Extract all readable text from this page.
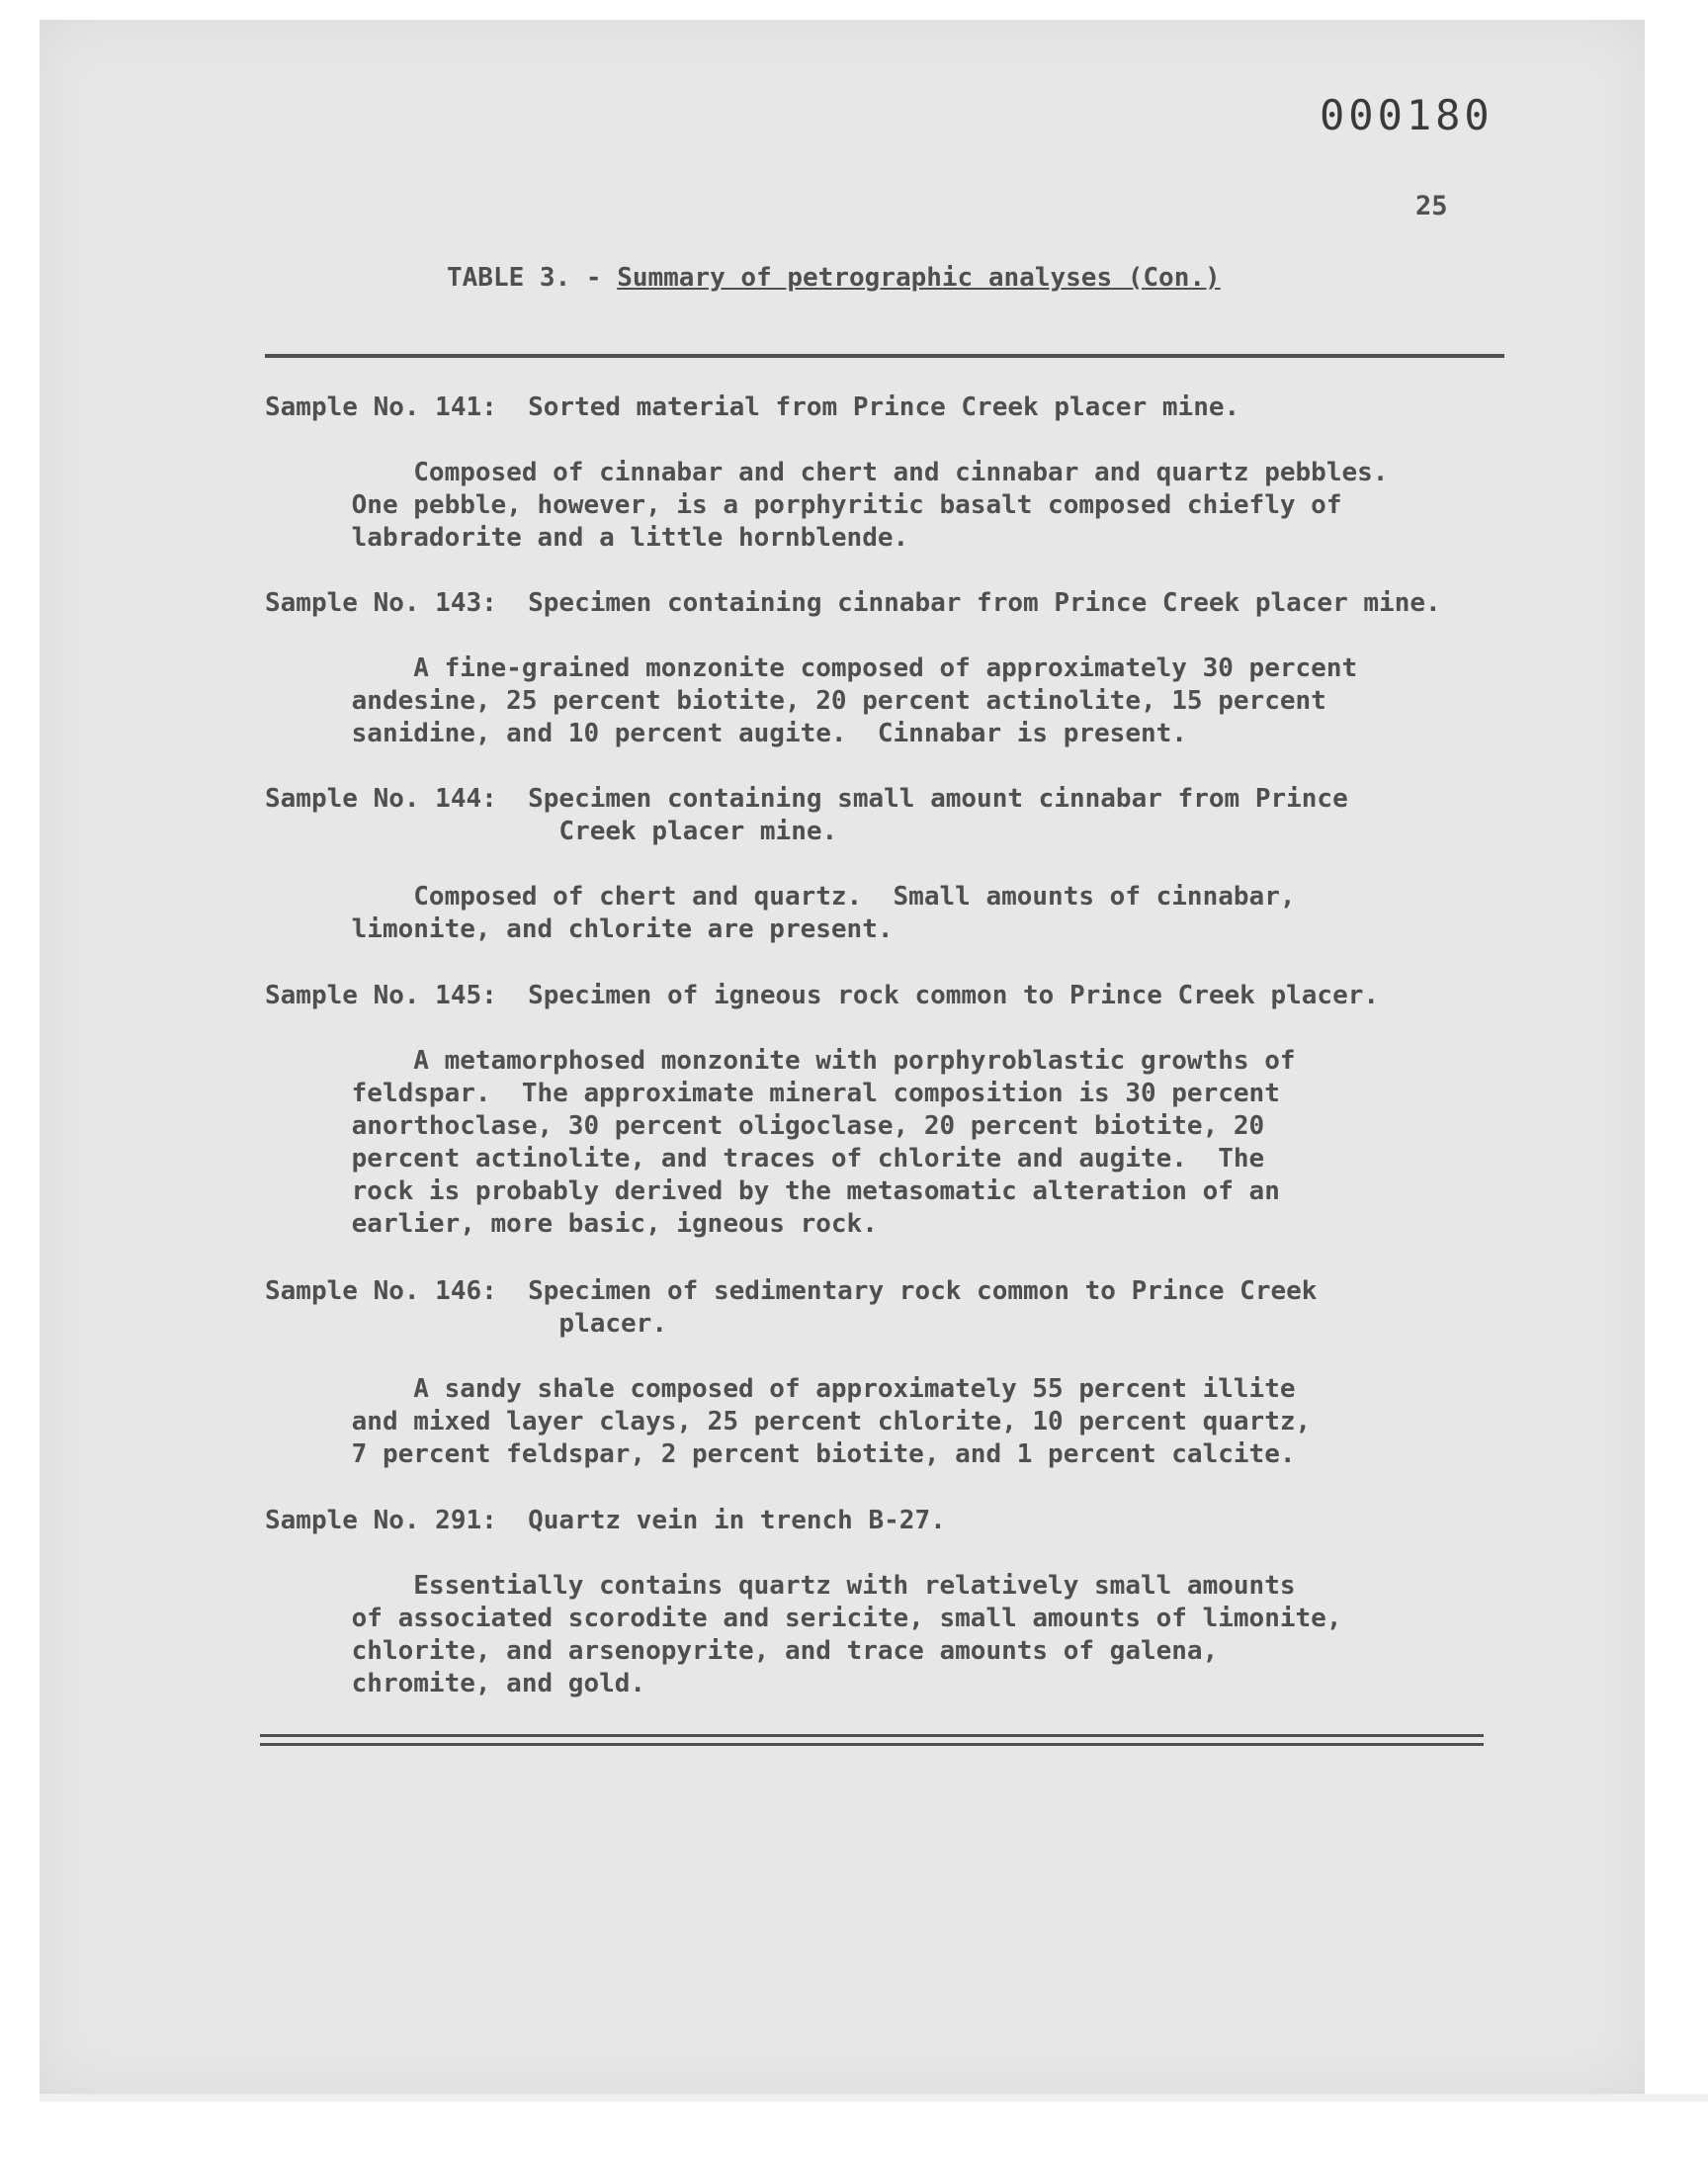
000180
25
TABLE 3. - Summary of petrographic analyses (Con.)
Sample No. 141:  Sorted material from Prince Creek placer mine.
Composed of cinnabar and chert and cinnabar and quartz pebbles.
One pebble, however, is a porphyritic basalt composed chiefly of
labradorite and a little hornblende.
Sample No. 143:  Specimen containing cinnabar from Prince Creek placer mine.
A fine-grained monzonite composed of approximately 30 percent
andesine, 25 percent biotite, 20 percent actinolite, 15 percent
sanidine, and 10 percent augite.  Cinnabar is present.
Sample No. 144:  Specimen containing small amount cinnabar from Prince
Creek placer mine.
Composed of chert and quartz.  Small amounts of cinnabar,
limonite, and chlorite are present.
Sample No. 145:  Specimen of igneous rock common to Prince Creek placer.
A metamorphosed monzonite with porphyroblastic growths of
feldspar.  The approximate mineral composition is 30 percent
anorthoclase, 30 percent oligoclase, 20 percent biotite, 20
percent actinolite, and traces of chlorite and augite.  The
rock is probably derived by the metasomatic alteration of an
earlier, more basic, igneous rock.
Sample No. 146:  Specimen of sedimentary rock common to Prince Creek
placer.
A sandy shale composed of approximately 55 percent illite
and mixed layer clays, 25 percent chlorite, 10 percent quartz,
7 percent feldspar, 2 percent biotite, and 1 percent calcite.
Sample No. 291:  Quartz vein in trench B-27.
Essentially contains quartz with relatively small amounts
of associated scorodite and sericite, small amounts of limonite,
chlorite, and arsenopyrite, and trace amounts of galena,
chromite, and gold.
